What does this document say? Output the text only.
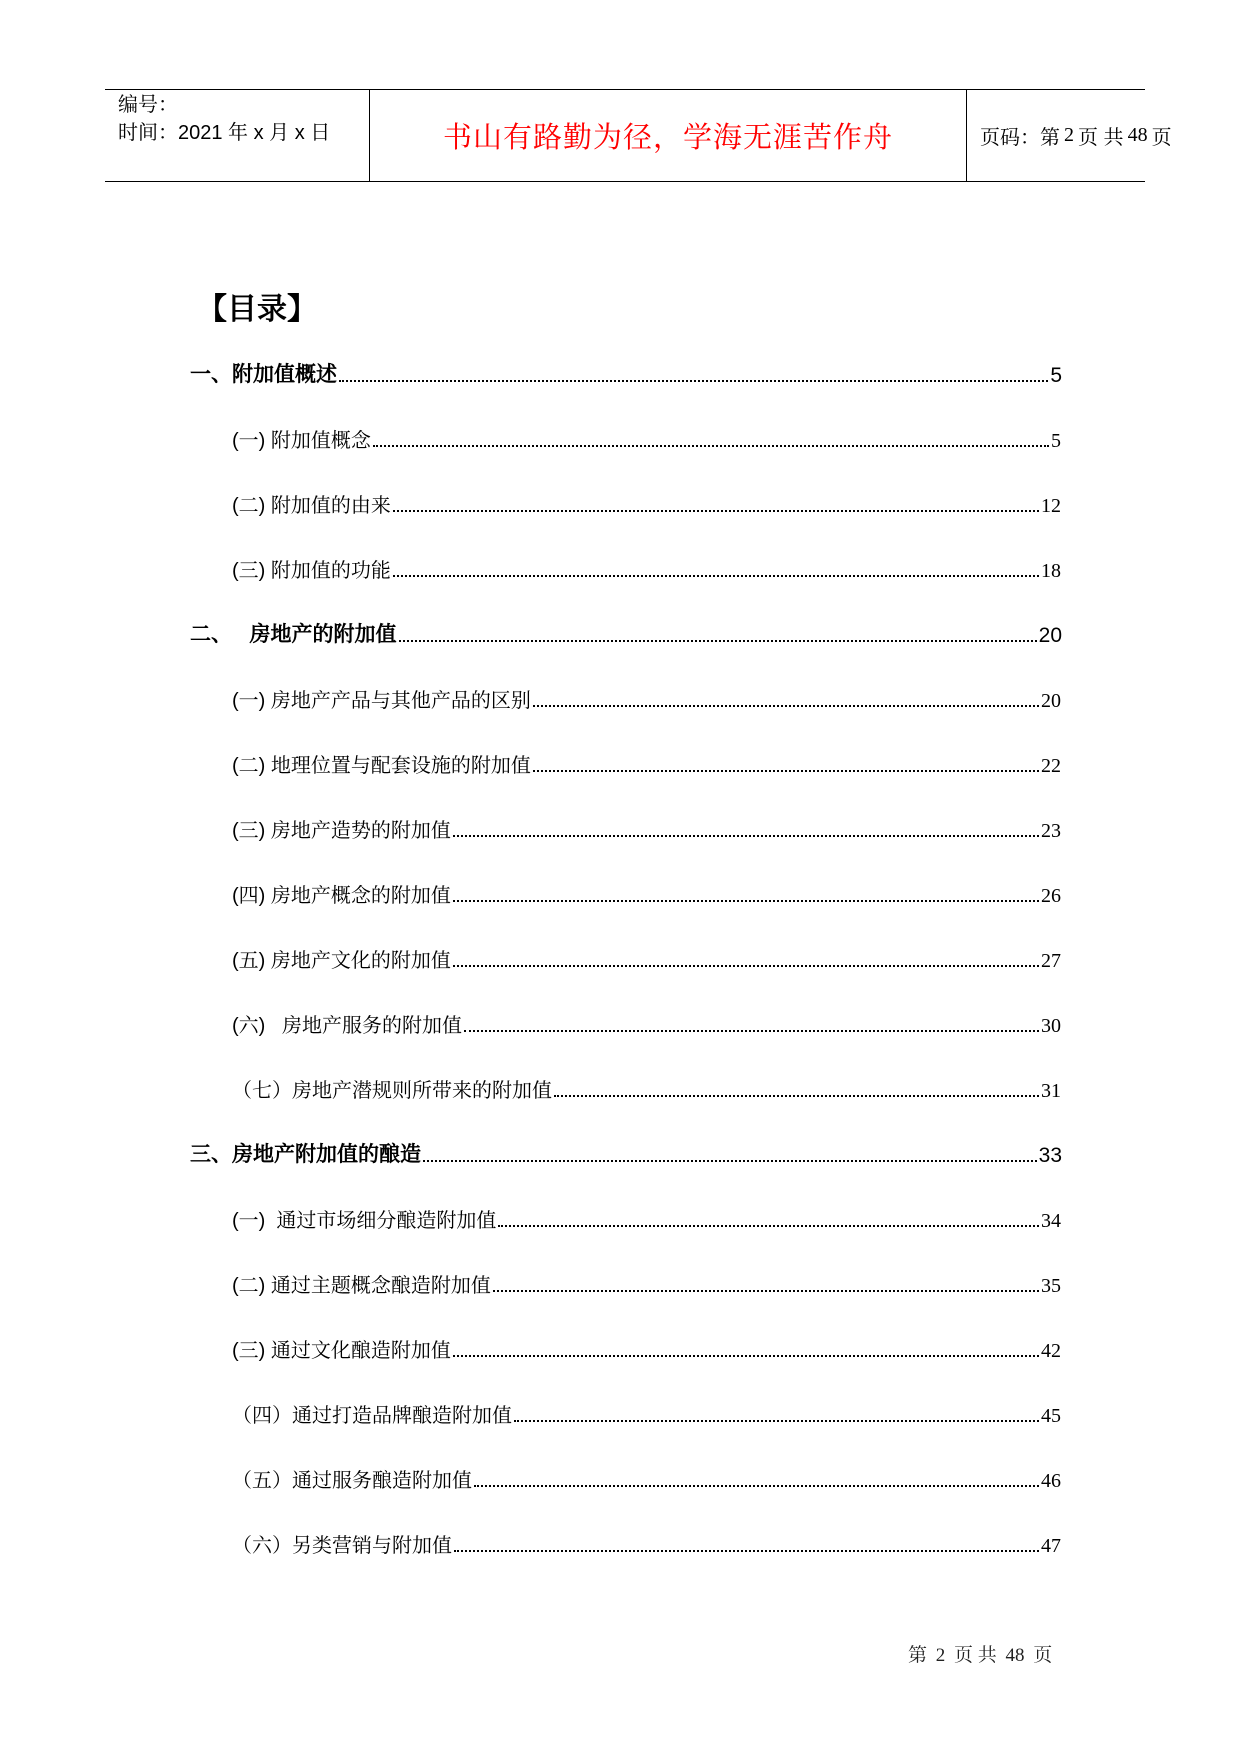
编号：
时间：2021 年 x 月 x 日	书山有路勤为径，学海无涯苦作舟	页码：第 2 页 共 48 页
【目录】
一、附加值概述	5
(一) 附加值概念	5
(二) 附加值的由来	12
(三) 附加值的功能	18
二、   房地产的附加值	20
(一) 房地产产品与其他产品的区别	20
(二) 地理位置与配套设施的附加值	22
(三) 房地产造势的附加值	23
(四) 房地产概念的附加值	26
(五) 房地产文化的附加值	27
(六)   房地产服务的附加值	30
（七）房地产潜规则所带来的附加值	31
三、房地产附加值的酿造	33
(一)  通过市场细分酿造附加值	34
(二) 通过主题概念酿造附加值	35
(三) 通过文化酿造附加值	42
（四）通过打造品牌酿造附加值	45
（五）通过服务酿造附加值	46
（六）另类营销与附加值	47
第 2 页 共 48 页
